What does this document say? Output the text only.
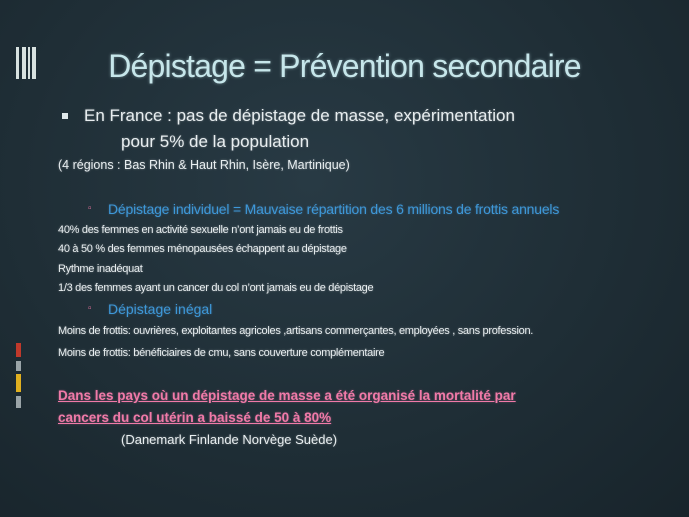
Dépistage = Prévention secondaire
En France : pas de dépistage de masse, expérimentation
pour 5% de la population
(4 régions : Bas Rhin & Haut Rhin, Isère, Martinique)
▫ Dépistage individuel = Mauvaise répartition des 6 millions de frottis annuels
40% des femmes en activité sexuelle n’ont jamais eu de frottis
40 à 50 % des femmes ménopausées échappent au dépistage
Rythme inadéquat
1/3 des femmes ayant un cancer du col n’ont jamais eu de dépistage
▫ Dépistage inégal
Moins de frottis: ouvrières, exploitantes agricoles ,artisans commerçantes, employées , sans profession.
Moins de frottis: bénéficiaires de cmu, sans couverture complémentaire
Dans les pays où un dépistage de masse a été organisé la mortalité par
cancers du col utérin a baissé de 50 à 80%
(Danemark Finlande Norvège Suède)
